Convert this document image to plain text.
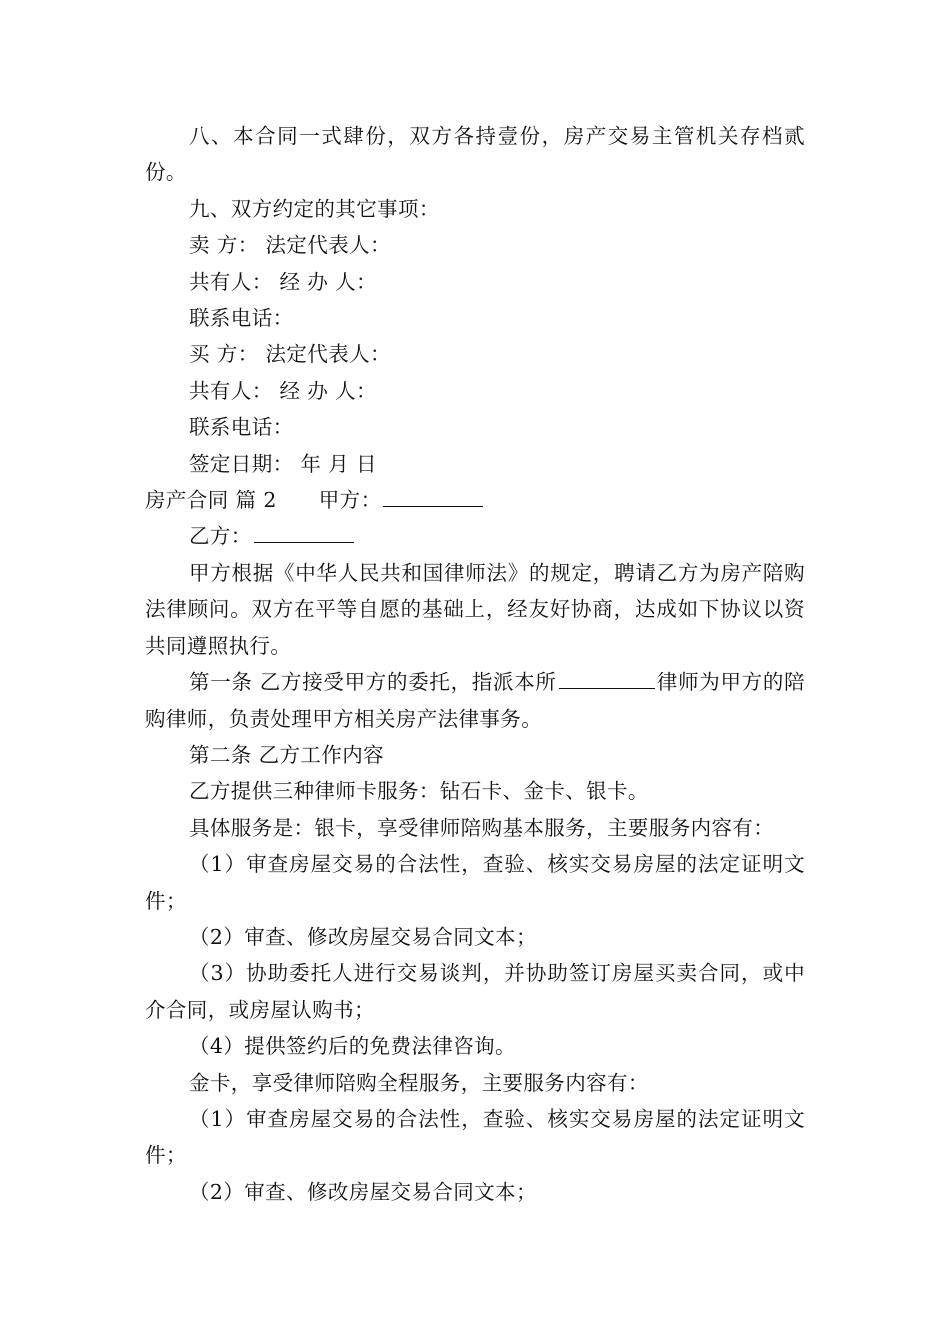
八、本合同一式肆份，双方各持壹份，房产交易主管机关存档贰份。

九、双方约定的其它事项：

卖 方： 法定代表人：

共有人： 经 办 人：

联系电话：

买 方： 法定代表人：

共有人： 经 办 人：

联系电话：

签定日期： 年 月 日

房产合同 篇 2 甲方：

乙方：

甲方根据《中华人民共和国律师法》的规定，聘请乙方为房产陪购法律顾问。双方在平等自愿的基础上，经友好协商，达成如下协议以资共同遵照执行。

第一条 乙方接受甲方的委托，指派本所	律师为甲方的陪购律师，负责处理甲方相关房产法律事务。

第二条 乙方工作内容

乙方提供三种律师卡服务：钻石卡、金卡、银卡。

具体服务是：银卡，享受律师陪购基本服务，主要服务内容有：

（1）审查房屋交易的合法性，查验、核实交易房屋的法定证明文件；

（2）审查、修改房屋交易合同文本；

（3）协助委托人进行交易谈判，并协助签订房屋买卖合同，或中介合同，或房屋认购书；

（4）提供签约后的免费法律咨询。

金卡，享受律师陪购全程服务，主要服务内容有：

（1）审查房屋交易的合法性，查验、核实交易房屋的法定证明文件；

（2）审查、修改房屋交易合同文本；
